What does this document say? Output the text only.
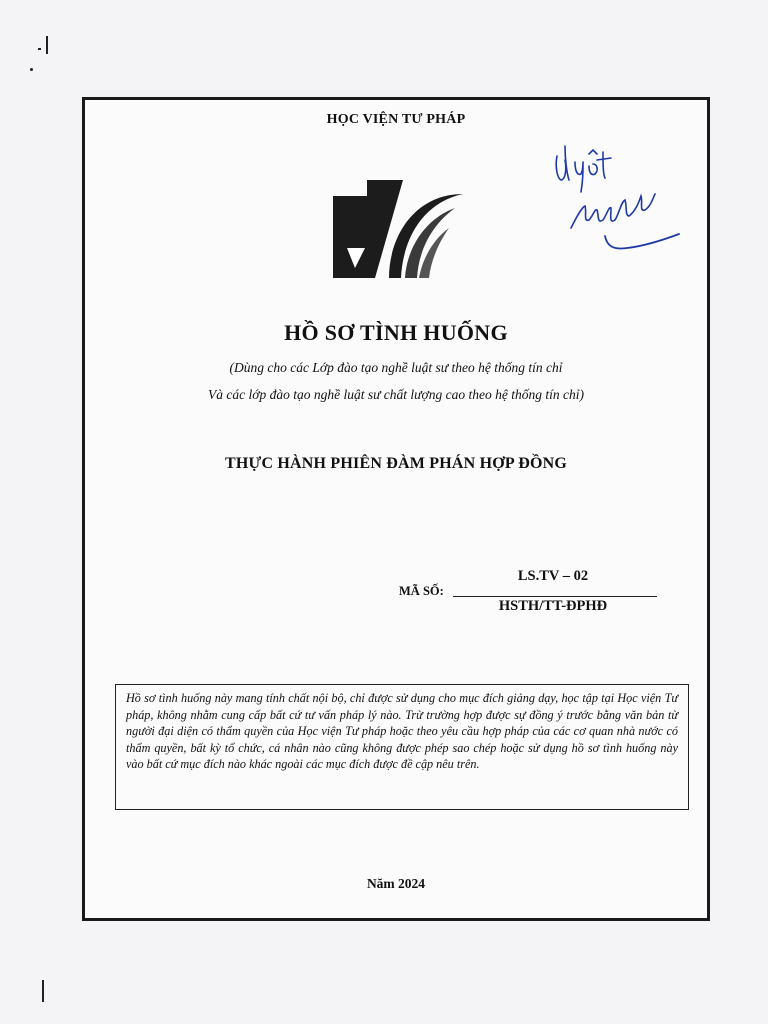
HỌC VIỆN TƯ PHÁP
HỒ SƠ TÌNH HUỐNG
(Dùng cho các Lớp đào tạo nghề luật sư theo hệ thống tín chỉ
Và các lớp đào tạo nghề luật sư chất lượng cao theo hệ thống tín chỉ)
THỰC HÀNH PHIÊN ĐÀM PHÁN HỢP ĐỒNG
MÃ SỐ:
LS.TV – 02
HSTH/TT-ĐPHĐ

Hồ sơ tình huống này mang tính chất nội bộ, chỉ được sử dụng cho mục đích giảng dạy, học tập tại Học viện Tư pháp, không nhằm cung cấp bất cứ tư vấn pháp lý nào. Trừ trường hợp được sự đồng ý trước bằng văn bản từ người đại diện có thẩm quyền của Học viện Tư pháp hoặc theo yêu cầu hợp pháp của các cơ quan nhà nước có thẩm quyền, bất kỳ tổ chức, cá nhân nào cũng không được phép sao chép hoặc sử dụng hồ sơ tình huống này vào bất cứ mục đích nào khác ngoài các mục đích được đề cập nêu trên.

Năm 2024
